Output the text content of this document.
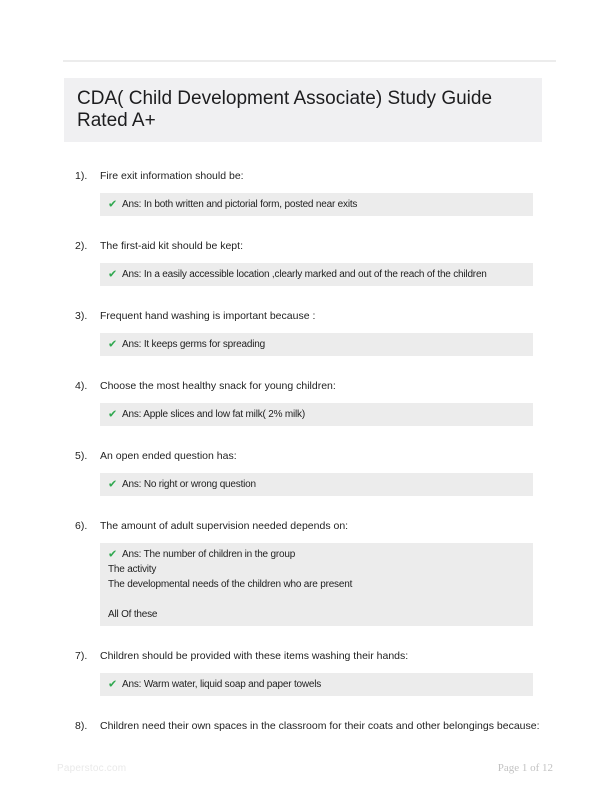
CDA( Child Development Associate) Study Guide Rated A+
1).	Fire exit information should be:
✔ Ans: In both written and pictorial form, posted near exits
2).	The first-aid kit should be kept:
✔ Ans: In a easily accessible location ,clearly marked and out of the reach of the children
3).	Frequent hand washing is important because :
✔ Ans: It keeps germs for spreading
4).	Choose the most healthy snack for young children:
✔ Ans: Apple slices and low fat milk( 2% milk)
5).	An open ended question has:
✔ Ans: No right or wrong question
6).	The amount of adult supervision needed depends on:
✔ Ans: The number of children in the group
The activity
The developmental needs of the children who are present
All Of these
7).	Children should be provided with these items washing their hands:
✔ Ans: Warm water, liquid soap and paper towels
8).	Children need their own spaces in the classroom for their coats and other belongings because:
Paperstoc.com	Page 1 of 12
